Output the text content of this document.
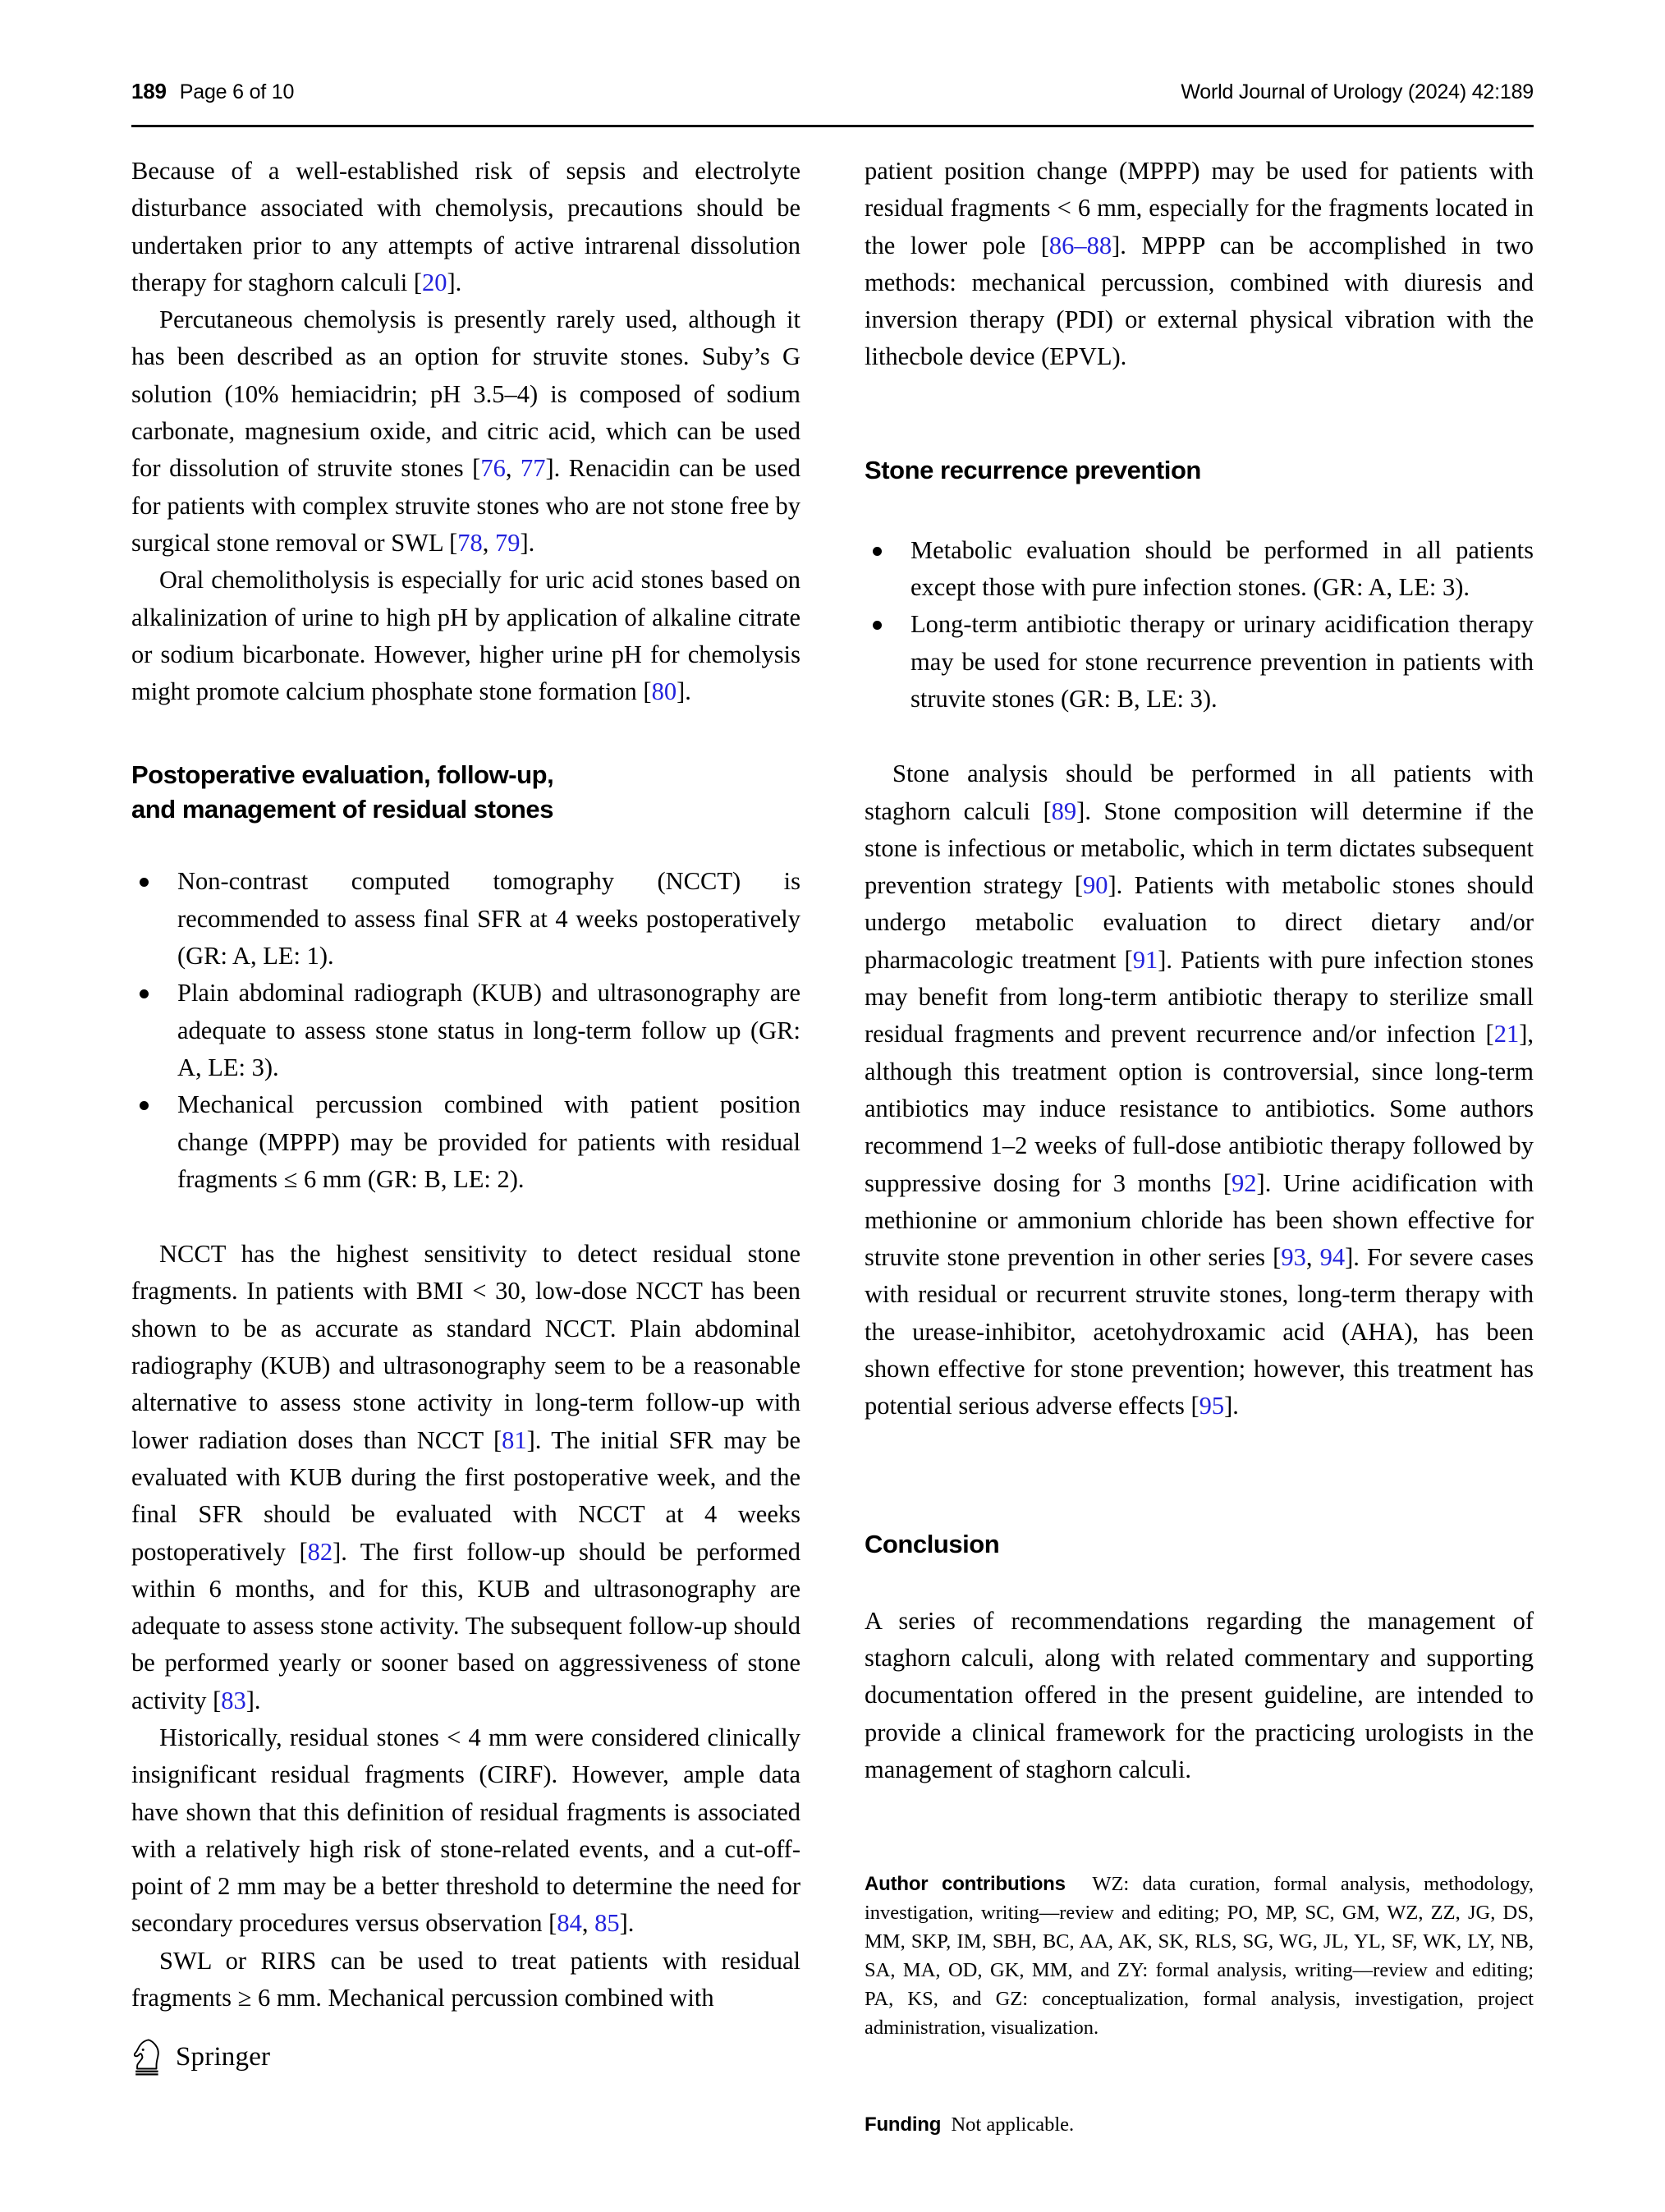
189 Page 6 of 10	World Journal of Urology (2024) 42:189

Because of a well-established risk of sepsis and electrolyte disturbance associated with chemolysis, precautions should be undertaken prior to any attempts of active intrarenal dissolution therapy for staghorn calculi [20].

Percutaneous chemolysis is presently rarely used, although it has been described as an option for struvite stones. Suby’s G solution (10% hemiacidrin; pH 3.5–4) is composed of sodium carbonate, magnesium oxide, and citric acid, which can be used for dissolution of struvite stones [76, 77]. Renacidin can be used for patients with complex struvite stones who are not stone free by surgical stone removal or SWL [78, 79].

Oral chemolitholysis is especially for uric acid stones based on alkalinization of urine to high pH by application of alkaline citrate or sodium bicarbonate. However, higher urine pH for chemolysis might promote calcium phosphate stone formation [80].

Postoperative evaluation, follow-up,
and management of residual stones
Non-contrast computed tomography (NCCT) is recommended to assess final SFR at 4 weeks postoperatively (GR: A, LE: 1).
Plain abdominal radiograph (KUB) and ultrasonography are adequate to assess stone status in long-term follow up (GR: A, LE: 3).
Mechanical percussion combined with patient position change (MPPP) may be provided for patients with residual fragments ≤ 6 mm (GR: B, LE: 2).

NCCT has the highest sensitivity to detect residual stone fragments. In patients with BMI < 30, low-dose NCCT has been shown to be as accurate as standard NCCT. Plain abdominal radiography (KUB) and ultrasonography seem to be a reasonable alternative to assess stone activity in long-term follow-up with lower radiation doses than NCCT [81]. The initial SFR may be evaluated with KUB during the first postoperative week, and the final SFR should be evaluated with NCCT at 4 weeks postoperatively [82]. The first follow-up should be performed within 6 months, and for this, KUB and ultrasonography are adequate to assess stone activity. The subsequent follow-up should be performed yearly or sooner based on aggressiveness of stone activity [83].

Historically, residual stones < 4 mm were considered clinically insignificant residual fragments (CIRF). However, ample data have shown that this definition of residual fragments is associated with a relatively high risk of stone-related events, and a cut-off-point of 2 mm may be a better threshold to determine the need for secondary procedures versus observation [84, 85].

SWL or RIRS can be used to treat patients with residual fragments ≥ 6 mm. Mechanical percussion combined with

patient position change (MPPP) may be used for patients with residual fragments < 6 mm, especially for the fragments located in the lower pole [86–88]. MPPP can be accomplished in two methods: mechanical percussion, combined with diuresis and inversion therapy (PDI) or external physical vibration with the lithecbole device (EPVL).

Stone recurrence prevention
Metabolic evaluation should be performed in all patients except those with pure infection stones. (GR: A, LE: 3).
Long-term antibiotic therapy or urinary acidification therapy may be used for stone recurrence prevention in patients with struvite stones (GR: B, LE: 3).

Stone analysis should be performed in all patients with staghorn calculi [89]. Stone composition will determine if the stone is infectious or metabolic, which in term dictates subsequent prevention strategy [90]. Patients with metabolic stones should undergo metabolic evaluation to direct dietary and/or pharmacologic treatment [91]. Patients with pure infection stones may benefit from long-term antibiotic therapy to sterilize small residual fragments and prevent recurrence and/or infection [21], although this treatment option is controversial, since long-term antibiotics may induce resistance to antibiotics. Some authors recommend 1–2 weeks of full-dose antibiotic therapy followed by suppressive dosing for 3 months [92]. Urine acidification with methionine or ammonium chloride has been shown effective for struvite stone prevention in other series [93, 94]. For severe cases with residual or recurrent struvite stones, long-term therapy with the urease-inhibitor, acetohydroxamic acid (AHA), has been shown effective for stone prevention; however, this treatment has potential serious adverse effects [95].

Conclusion

A series of recommendations regarding the management of staghorn calculi, along with related commentary and supporting documentation offered in the present guideline, are intended to provide a clinical framework for the practicing urologists in the management of staghorn calculi.

Author contributions WZ: data curation, formal analysis, methodology, investigation, writing—review and editing; PO, MP, SC, GM, WZ, ZZ, JG, DS, MM, SKP, IM, SBH, BC, AA, AK, SK, RLS, SG, WG, JL, YL, SF, WK, LY, NB, SA, MA, OD, GK, MM, and ZY: formal analysis, writing—review and editing; PA, KS, and GZ: conceptualization, formal analysis, investigation, project administration, visualization.

Funding Not applicable.

Springer
